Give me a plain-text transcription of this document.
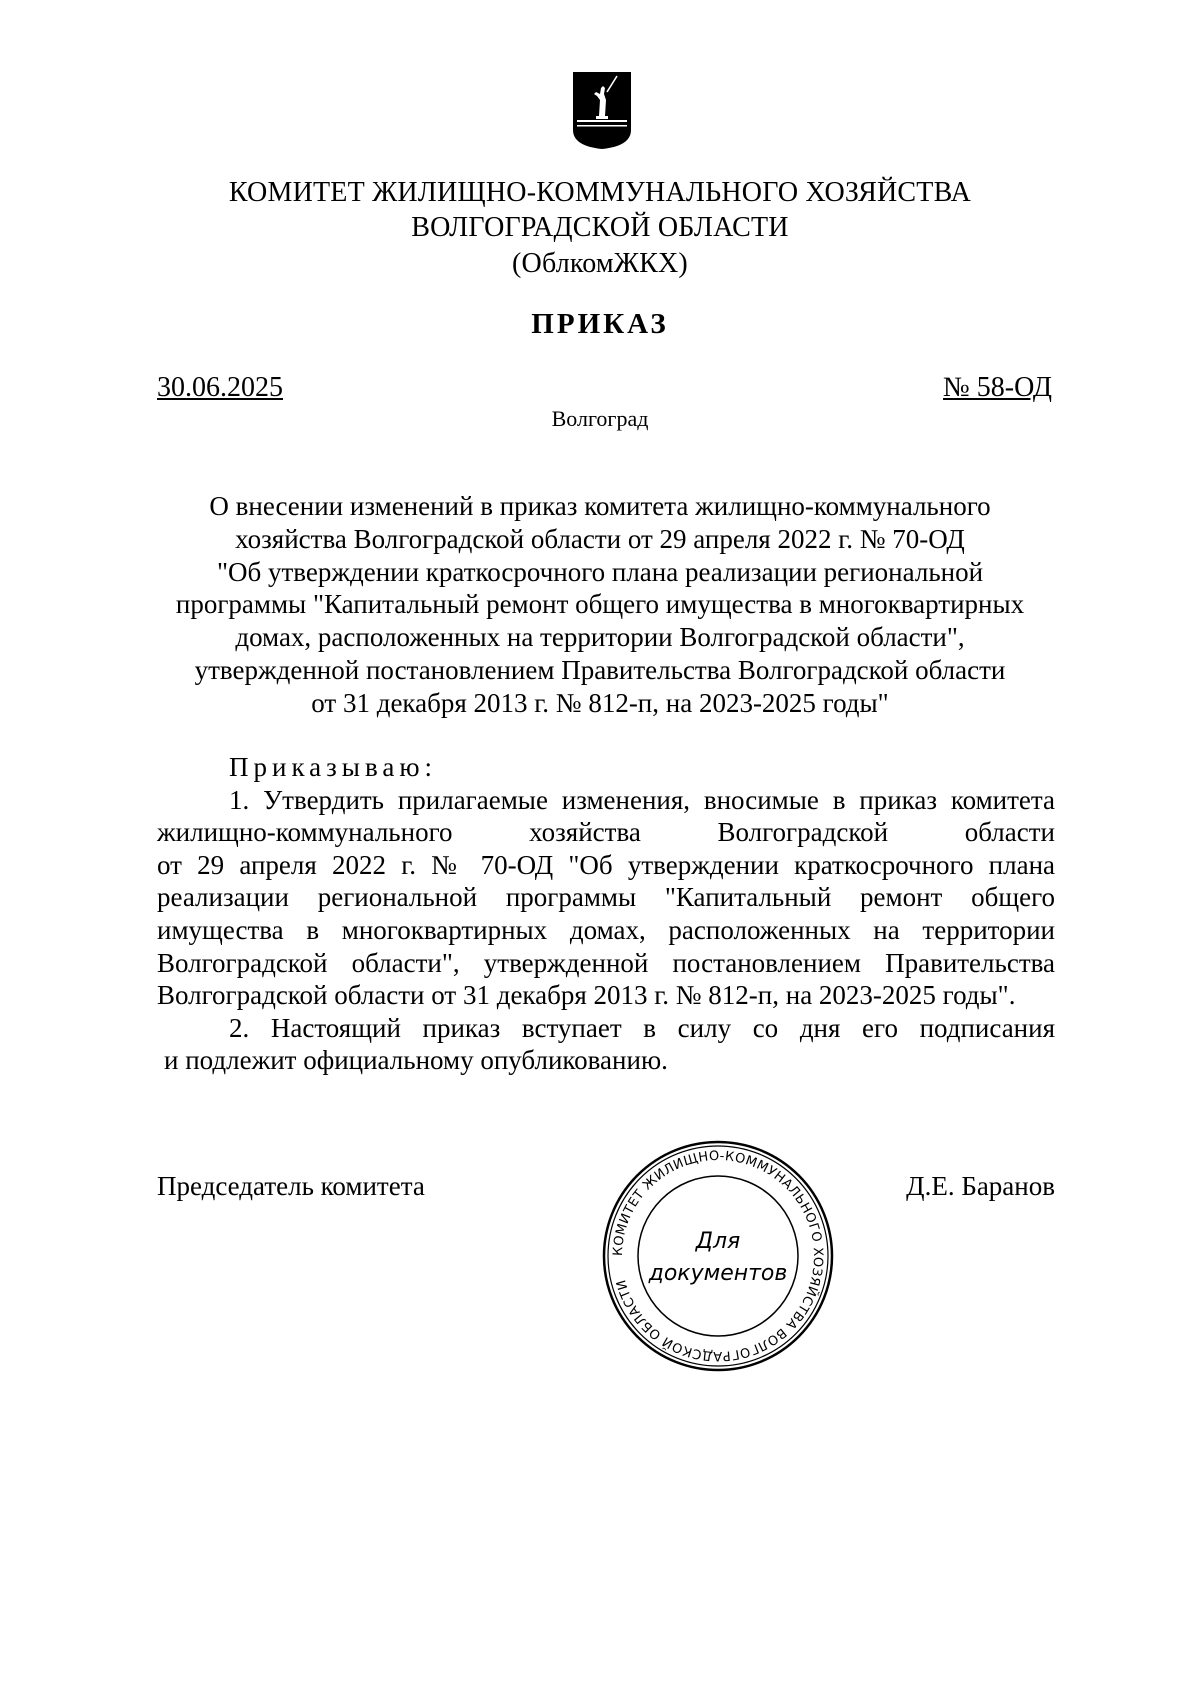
КОМИТЕТ ЖИЛИЩНО-КОММУНАЛЬНОГО ХОЗЯЙСТВА
ВОЛГОГРАДСКОЙ ОБЛАСТИ
(ОблкомЖКХ)
ПРИКАЗ
30.06.2025	№ 58-ОД
Волгоград
О внесении изменений в приказ комитета жилищно-коммунального
хозяйства Волгоградской области от 29 апреля 2022 г. № 70-ОД
"Об утверждении краткосрочного плана реализации региональной
программы "Капитальный ремонт общего имущества в многоквартирных
домах, расположенных на территории Волгоградской области",
утвержденной постановлением Правительства Волгоградской области
от 31 декабря 2013 г. № 812-п, на 2023-2025 годы"
Приказываю:
1. Утвердить прилагаемые изменения, вносимые в приказ комитета
жилищно-коммунального хозяйства Волгоградской области
от 29 апреля 2022 г. № 70-ОД "Об утверждении краткосрочного плана
реализации региональной программы "Капитальный ремонт общего
имущества в многоквартирных домах, расположенных на территории
Волгоградской области", утвержденной постановлением Правительства
Волгоградской области от 31 декабря 2013 г. № 812-п, на 2023-2025 годы".
2. Настоящий приказ вступает в силу со дня его подписания
и подлежит официальному опубликованию.
Председатель комитета	Д.Е. Баранов
КОМИТЕТ ЖИЛИЩНО-КОММУНАЛЬНОГО ХОЗЯЙСТВА ВОЛГОГРАДСКОЙ ОБЛАСТИ
Для
документов
